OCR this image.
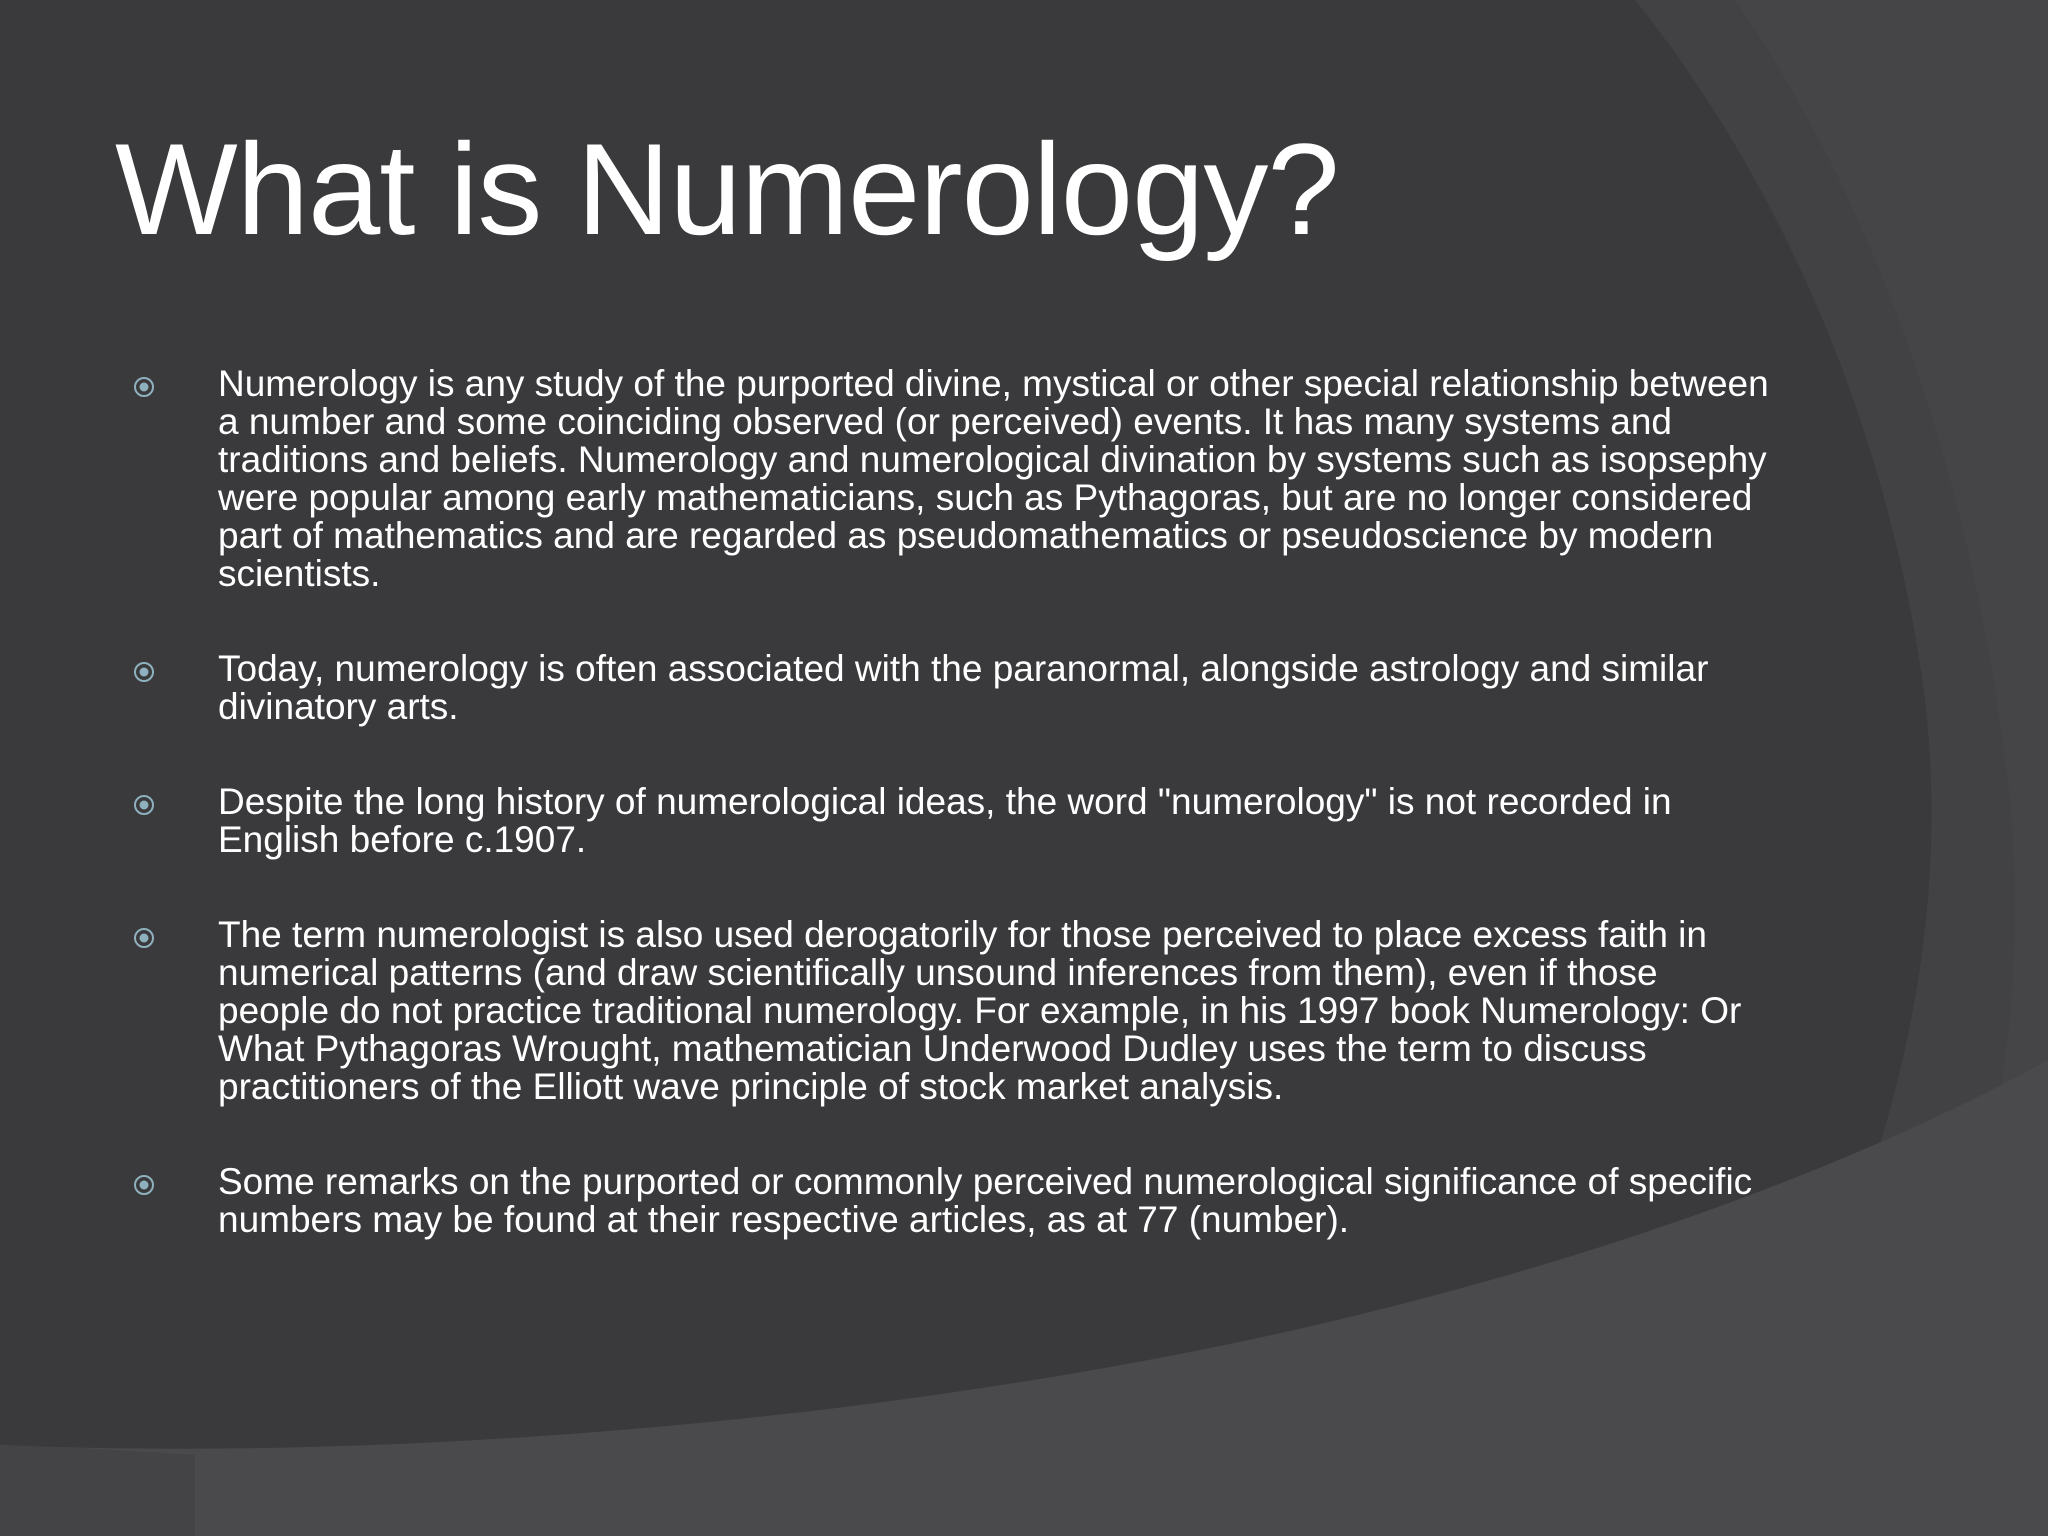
What is Numerology?
Numerology is any study of the purported divine, mystical or other special relationship between a number and some coinciding observed (or perceived) events. It has many systems and traditions and beliefs. Numerology and numerological divination by systems such as isopsephy were popular among early mathematicians, such as Pythagoras, but are no longer considered part of mathematics and are regarded as pseudomathematics or pseudoscience by modern scientists.
Today, numerology is often associated with the paranormal, alongside astrology and similar divinatory arts.
Despite the long history of numerological ideas, the word "numerology" is not recorded in English before c.1907.
The term numerologist is also used derogatorily for those perceived to place excess faith in numerical patterns (and draw scientifically unsound inferences from them), even if those people do not practice traditional numerology. For example, in his 1997 book Numerology: Or What Pythagoras Wrought, mathematician Underwood Dudley uses the term to discuss practitioners of the Elliott wave principle of stock market analysis.
Some remarks on the purported or commonly perceived numerological significance of specific numbers may be found at their respective articles, as at 77 (number).
